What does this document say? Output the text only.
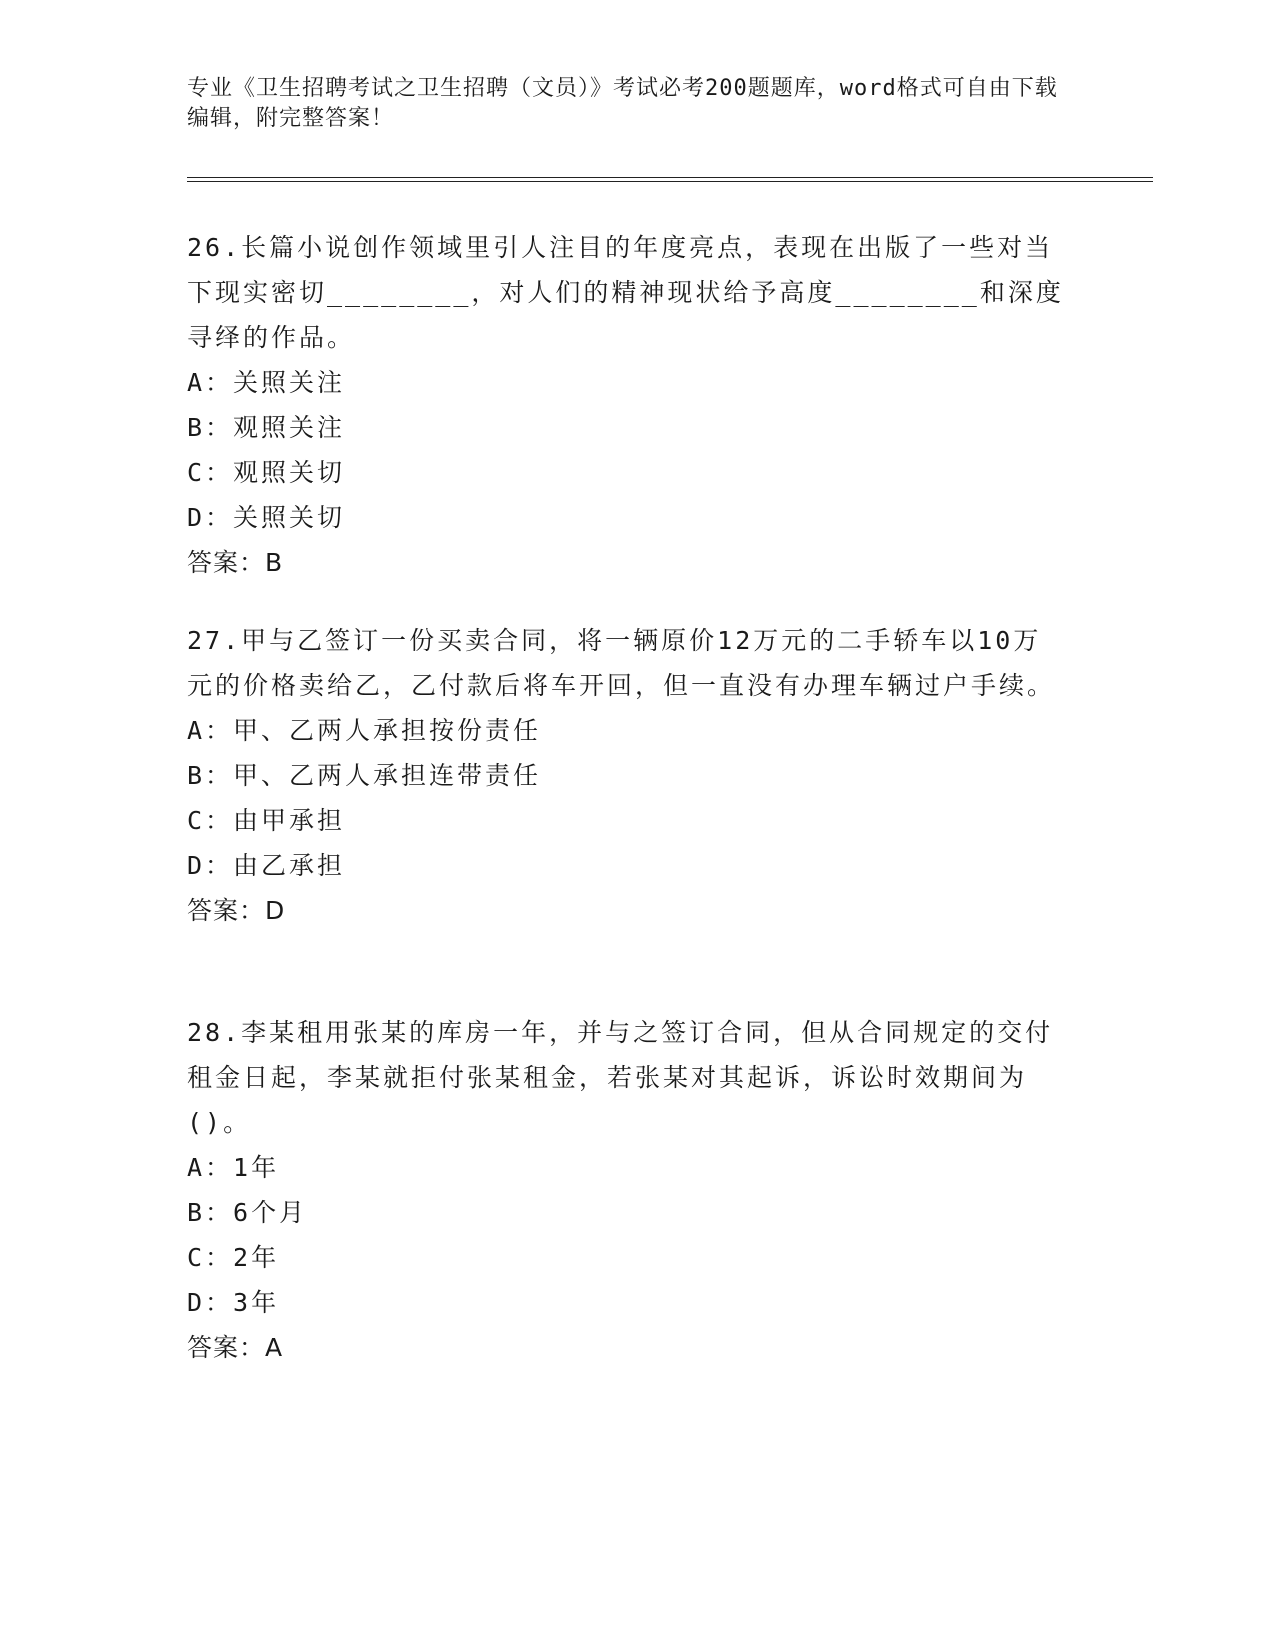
专业《卫生招聘考试之卫生招聘（文员）》考试必考200题题库，word格式可自由下载编辑，附完整答案！

26.长篇小说创作领域里引人注目的年度亮点，表现在出版了一些对当下现实密切________，对人们的精神现状给予高度________和深度寻绎的作品。

A：关照关注

B：观照关注

C：观照关切

D：关照关切

答案：B

27.甲与乙签订一份买卖合同，将一辆原价12万元的二手轿车以10万元的价格卖给乙，乙付款后将车开回，但一直没有办理车辆过户手续。

A：甲、乙两人承担按份责任

B：甲、乙两人承担连带责任

C：由甲承担

D：由乙承担

答案：D

28.李某租用张某的库房一年，并与之签订合同，但从合同规定的交付租金日起，李某就拒付张某租金，若张某对其起诉，诉讼时效期间为()。

A：1年

B：6个月

C：2年

D：3年

答案：A
